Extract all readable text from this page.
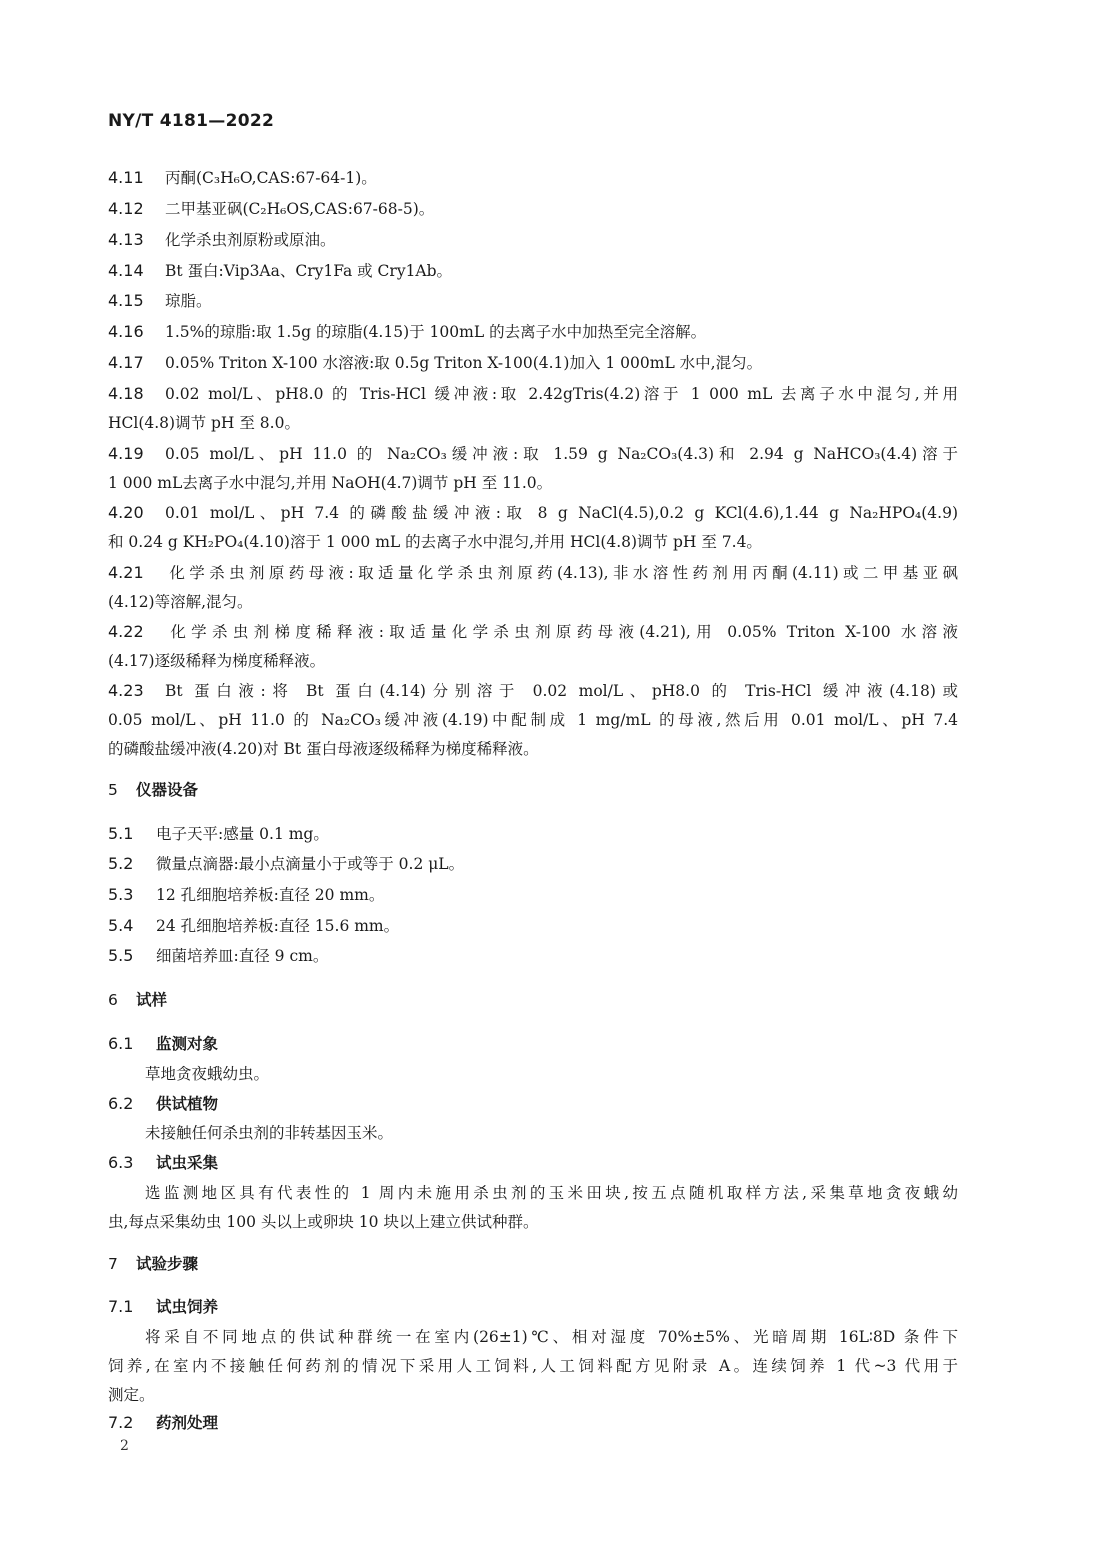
NY/T 4181—2022
4.11 丙酮(C₃H₆O,CAS:67-64-1)。
4.12 二甲基亚砜(C₂H₆OS,CAS:67-68-5)。
4.13 化学杀虫剂原粉或原油。
4.14 Bt 蛋白:Vip3Aa、Cry1Fa 或 Cry1Ab。
4.15 琼脂。
4.16 1.5%的琼脂:取 1.5g 的琼脂(4.15)于 100mL 的去离子水中加热至完全溶解。
4.17 0.05% Triton X-100 水溶液:取 0.5g Triton X-100(4.1)加入 1 000mL 水中,混匀。
4.18 0.02 mol/L、pH8.0 的 Tris-HCl 缓冲液:取 2.42gTris(4.2)溶于 1 000 mL 去离子水中混匀,并用
HCl(4.8)调节 pH 至 8.0。
4.19 0.05 mol/L、pH 11.0 的 Na₂CO₃缓冲液:取 1.59 g Na₂CO₃(4.3)和 2.94 g NaHCO₃(4.4)溶于
1 000 mL去离子水中混匀,并用 NaOH(4.7)调节 pH 至 11.0。
4.20 0.01 mol/L、pH 7.4 的磷酸盐缓冲液:取 8 g NaCl(4.5),0.2 g KCl(4.6),1.44 g Na₂HPO₄(4.9)
和 0.24 g KH₂PO₄(4.10)溶于 1 000 mL 的去离子水中混匀,并用 HCl(4.8)调节 pH 至 7.4。
4.21 化学杀虫剂原药母液:取适量化学杀虫剂原药(4.13),非水溶性药剂用丙酮(4.11)或二甲基亚砜
(4.12)等溶解,混匀。
4.22 化学杀虫剂梯度稀释液:取适量化学杀虫剂原药母液(4.21),用 0.05% Triton X-100 水溶液
(4.17)逐级稀释为梯度稀释液。
4.23 Bt 蛋白液:将 Bt 蛋白(4.14)分别溶于 0.02 mol/L、pH8.0 的 Tris-HCl 缓冲液(4.18)或
0.05 mol/L、pH 11.0 的 Na₂CO₃缓冲液(4.19)中配制成 1 mg/mL 的母液,然后用 0.01 mol/L、pH 7.4
的磷酸盐缓冲液(4.20)对 Bt 蛋白母液逐级稀释为梯度稀释液。
5 仪器设备
5.1 电子天平:感量 0.1 mg。
5.2 微量点滴器:最小点滴量小于或等于 0.2 μL。
5.3 12 孔细胞培养板:直径 20 mm。
5.4 24 孔细胞培养板:直径 15.6 mm。
5.5 细菌培养皿:直径 9 cm。
6 试样
6.1 监测对象
草地贪夜蛾幼虫。
6.2 供试植物
未接触任何杀虫剂的非转基因玉米。
6.3 试虫采集
选监测地区具有代表性的 1 周内未施用杀虫剂的玉米田块,按五点随机取样方法,采集草地贪夜蛾幼
虫,每点采集幼虫 100 头以上或卵块 10 块以上建立供试种群。
7 试验步骤
7.1 试虫饲养
将采自不同地点的供试种群统一在室内(26±1)℃、相对湿度 70%±5%、光暗周期 16L∶8D 条件下
饲养,在室内不接触任何药剂的情况下采用人工饲料,人工饲料配方见附录 A。连续饲养 1 代~3 代用于
测定。
7.2 药剂处理
2
